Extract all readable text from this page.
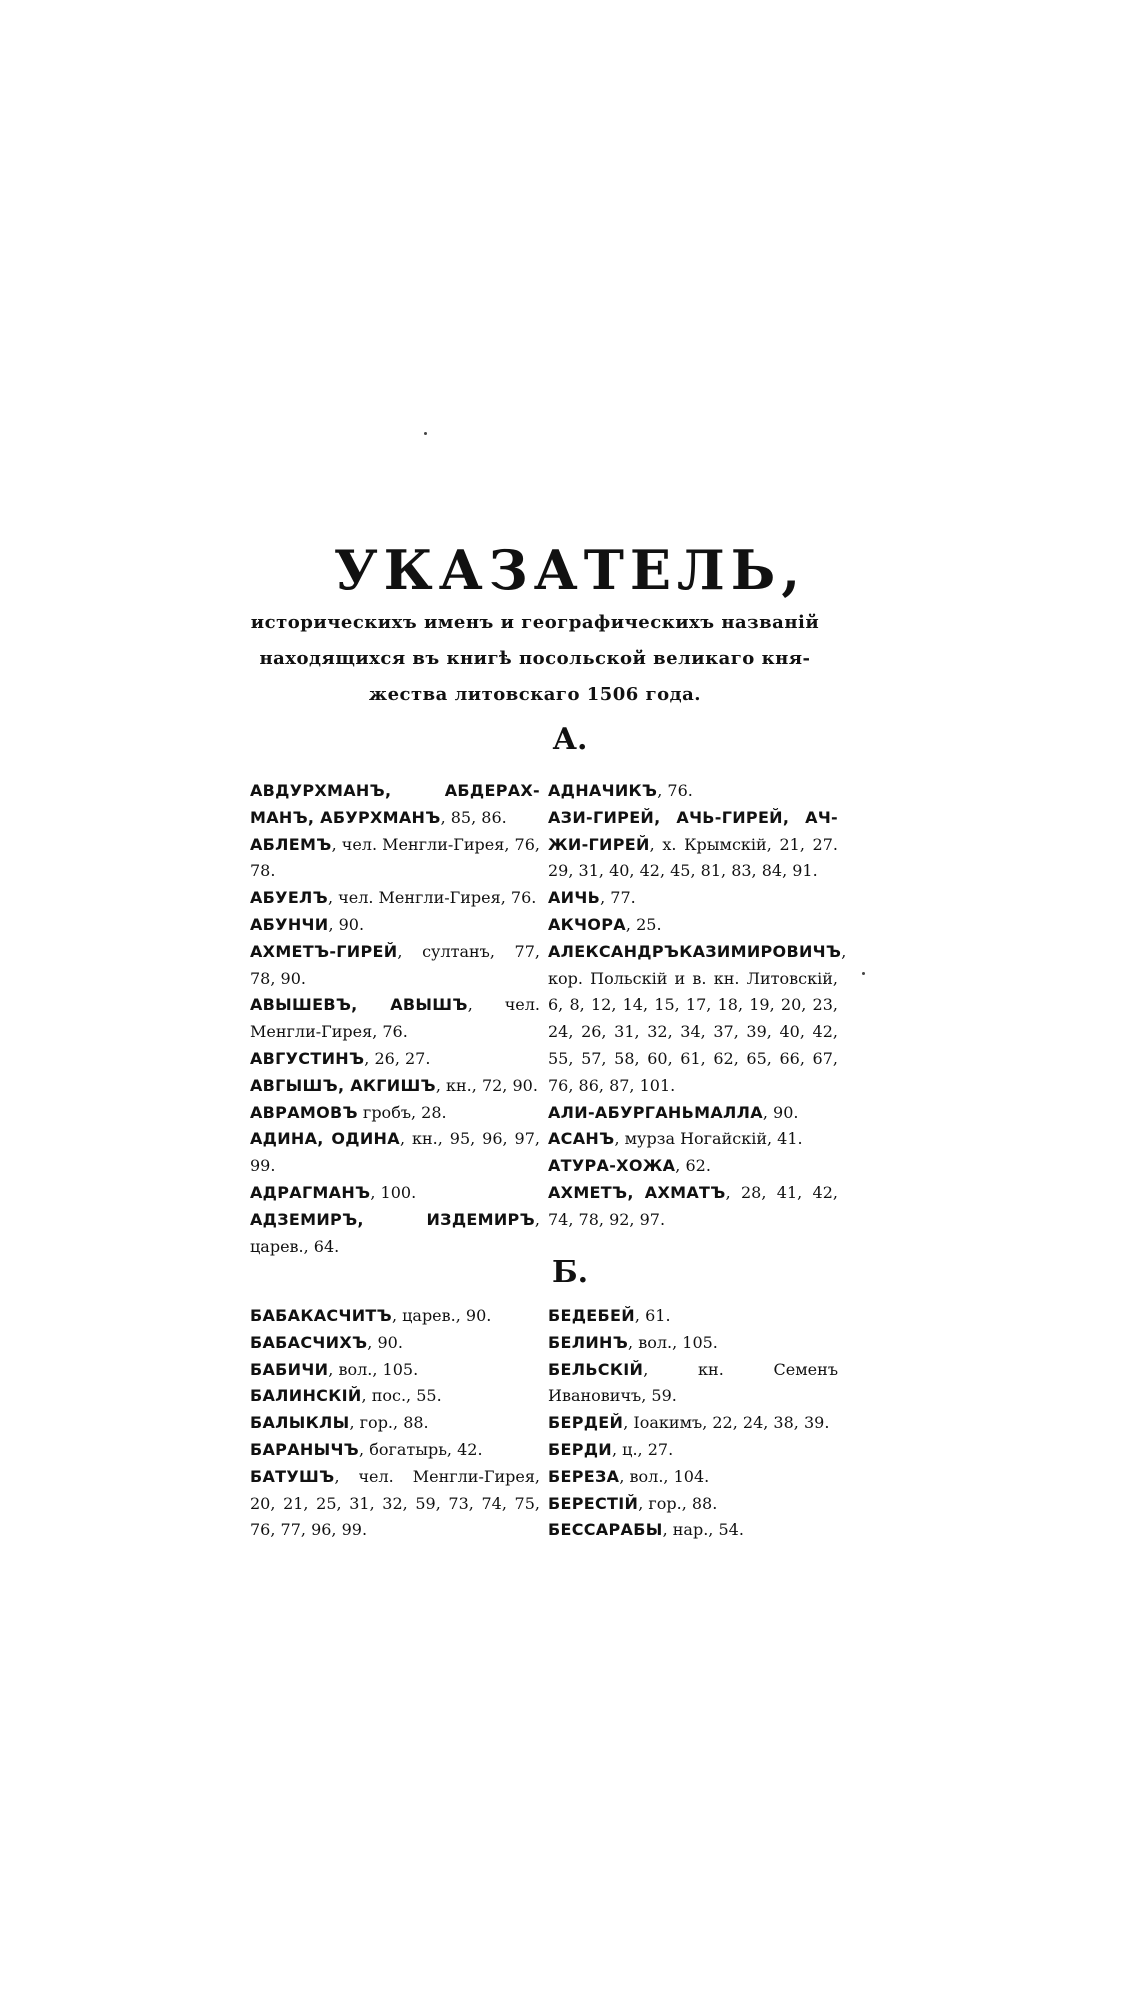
УКАЗАТЕЛЬ,
историческихъ именъ и географическихъ названій
находящихся въ книгѣ посольской великаго кня-
жества литовскаго 1506 года.
А.
АВДУРХМАНЪ, АБДЕРАХ-МАНЪ, АБУРХМАНЪ, 85, 86.
АБЛЕМЪ, чел. Менгли-Гирея, 76, 78.
АБУЕЛЪ, чел. Менгли-Гирея, 76.
АБУНЧИ, 90.
АХМЕТЪ-ГИРЕЙ, султанъ, 77, 78, 90.
АВЫШЕВЪ, АВЫШЪ, чел. Менгли-Гирея, 76.
АВГУСТИНЪ, 26, 27.
АВГЫШЪ, АКГИШЪ, кн., 72, 90.
АВРАМОВЪ гробъ, 28.
АДИНА, ОДИНА, кн., 95, 96, 97, 99.
АДРАГМАНЪ, 100.
АДЗЕМИРЪ, ИЗДЕМИРЪ, царев., 64.
АДНАЧИКЪ, 76.
АЗИ-ГИРЕЙ, АЧЬ-ГИРЕЙ, АЧ-ЖИ-ГИРЕЙ, х. Крымскій, 21, 27. 29, 31, 40, 42, 45, 81, 83, 84, 91.
АИЧЬ, 77.
АКЧОРА, 25.
АЛЕКСАНДРЪКАЗИМИРОВИЧЪ, кор. Польскій и в. кн. Литовскій, 6, 8, 12, 14, 15, 17, 18, 19, 20, 23, 24, 26, 31, 32, 34, 37, 39, 40, 42, 55, 57, 58, 60, 61, 62, 65, 66, 67, 76, 86, 87, 101.
АЛИ-АБУРГАНЬМАЛЛА, 90.
АСАНЪ, мурза Ногайскій, 41.
АТУРА-ХОЖА, 62.
АХМЕТЪ, АХМАТЪ, 28, 41, 42, 74, 78, 92, 97.
Б.
БАБАКАСЧИТЪ, царев., 90.
БАБАСЧИХЪ, 90.
БАБИЧИ, вол., 105.
БАЛИНСКІЙ, пос., 55.
БАЛЫКЛЫ, гор., 88.
БАРАНЫЧЪ, богатырь, 42.
БАТУШЪ, чел. Менгли-Гирея, 20, 21, 25, 31, 32, 59, 73, 74, 75, 76, 77, 96, 99.
БЕДЕБЕЙ, 61.
БЕЛИНЪ, вол., 105.
БЕЛЬСКІЙ, кн. Семенъ Ивановичъ, 59.
БЕРДЕЙ, Іоакимъ, 22, 24, 38, 39.
БЕРДИ, ц., 27.
БЕРЕЗА, вол., 104.
БЕРЕСТІЙ, гор., 88.
БЕССАРАБЫ, нар., 54.
